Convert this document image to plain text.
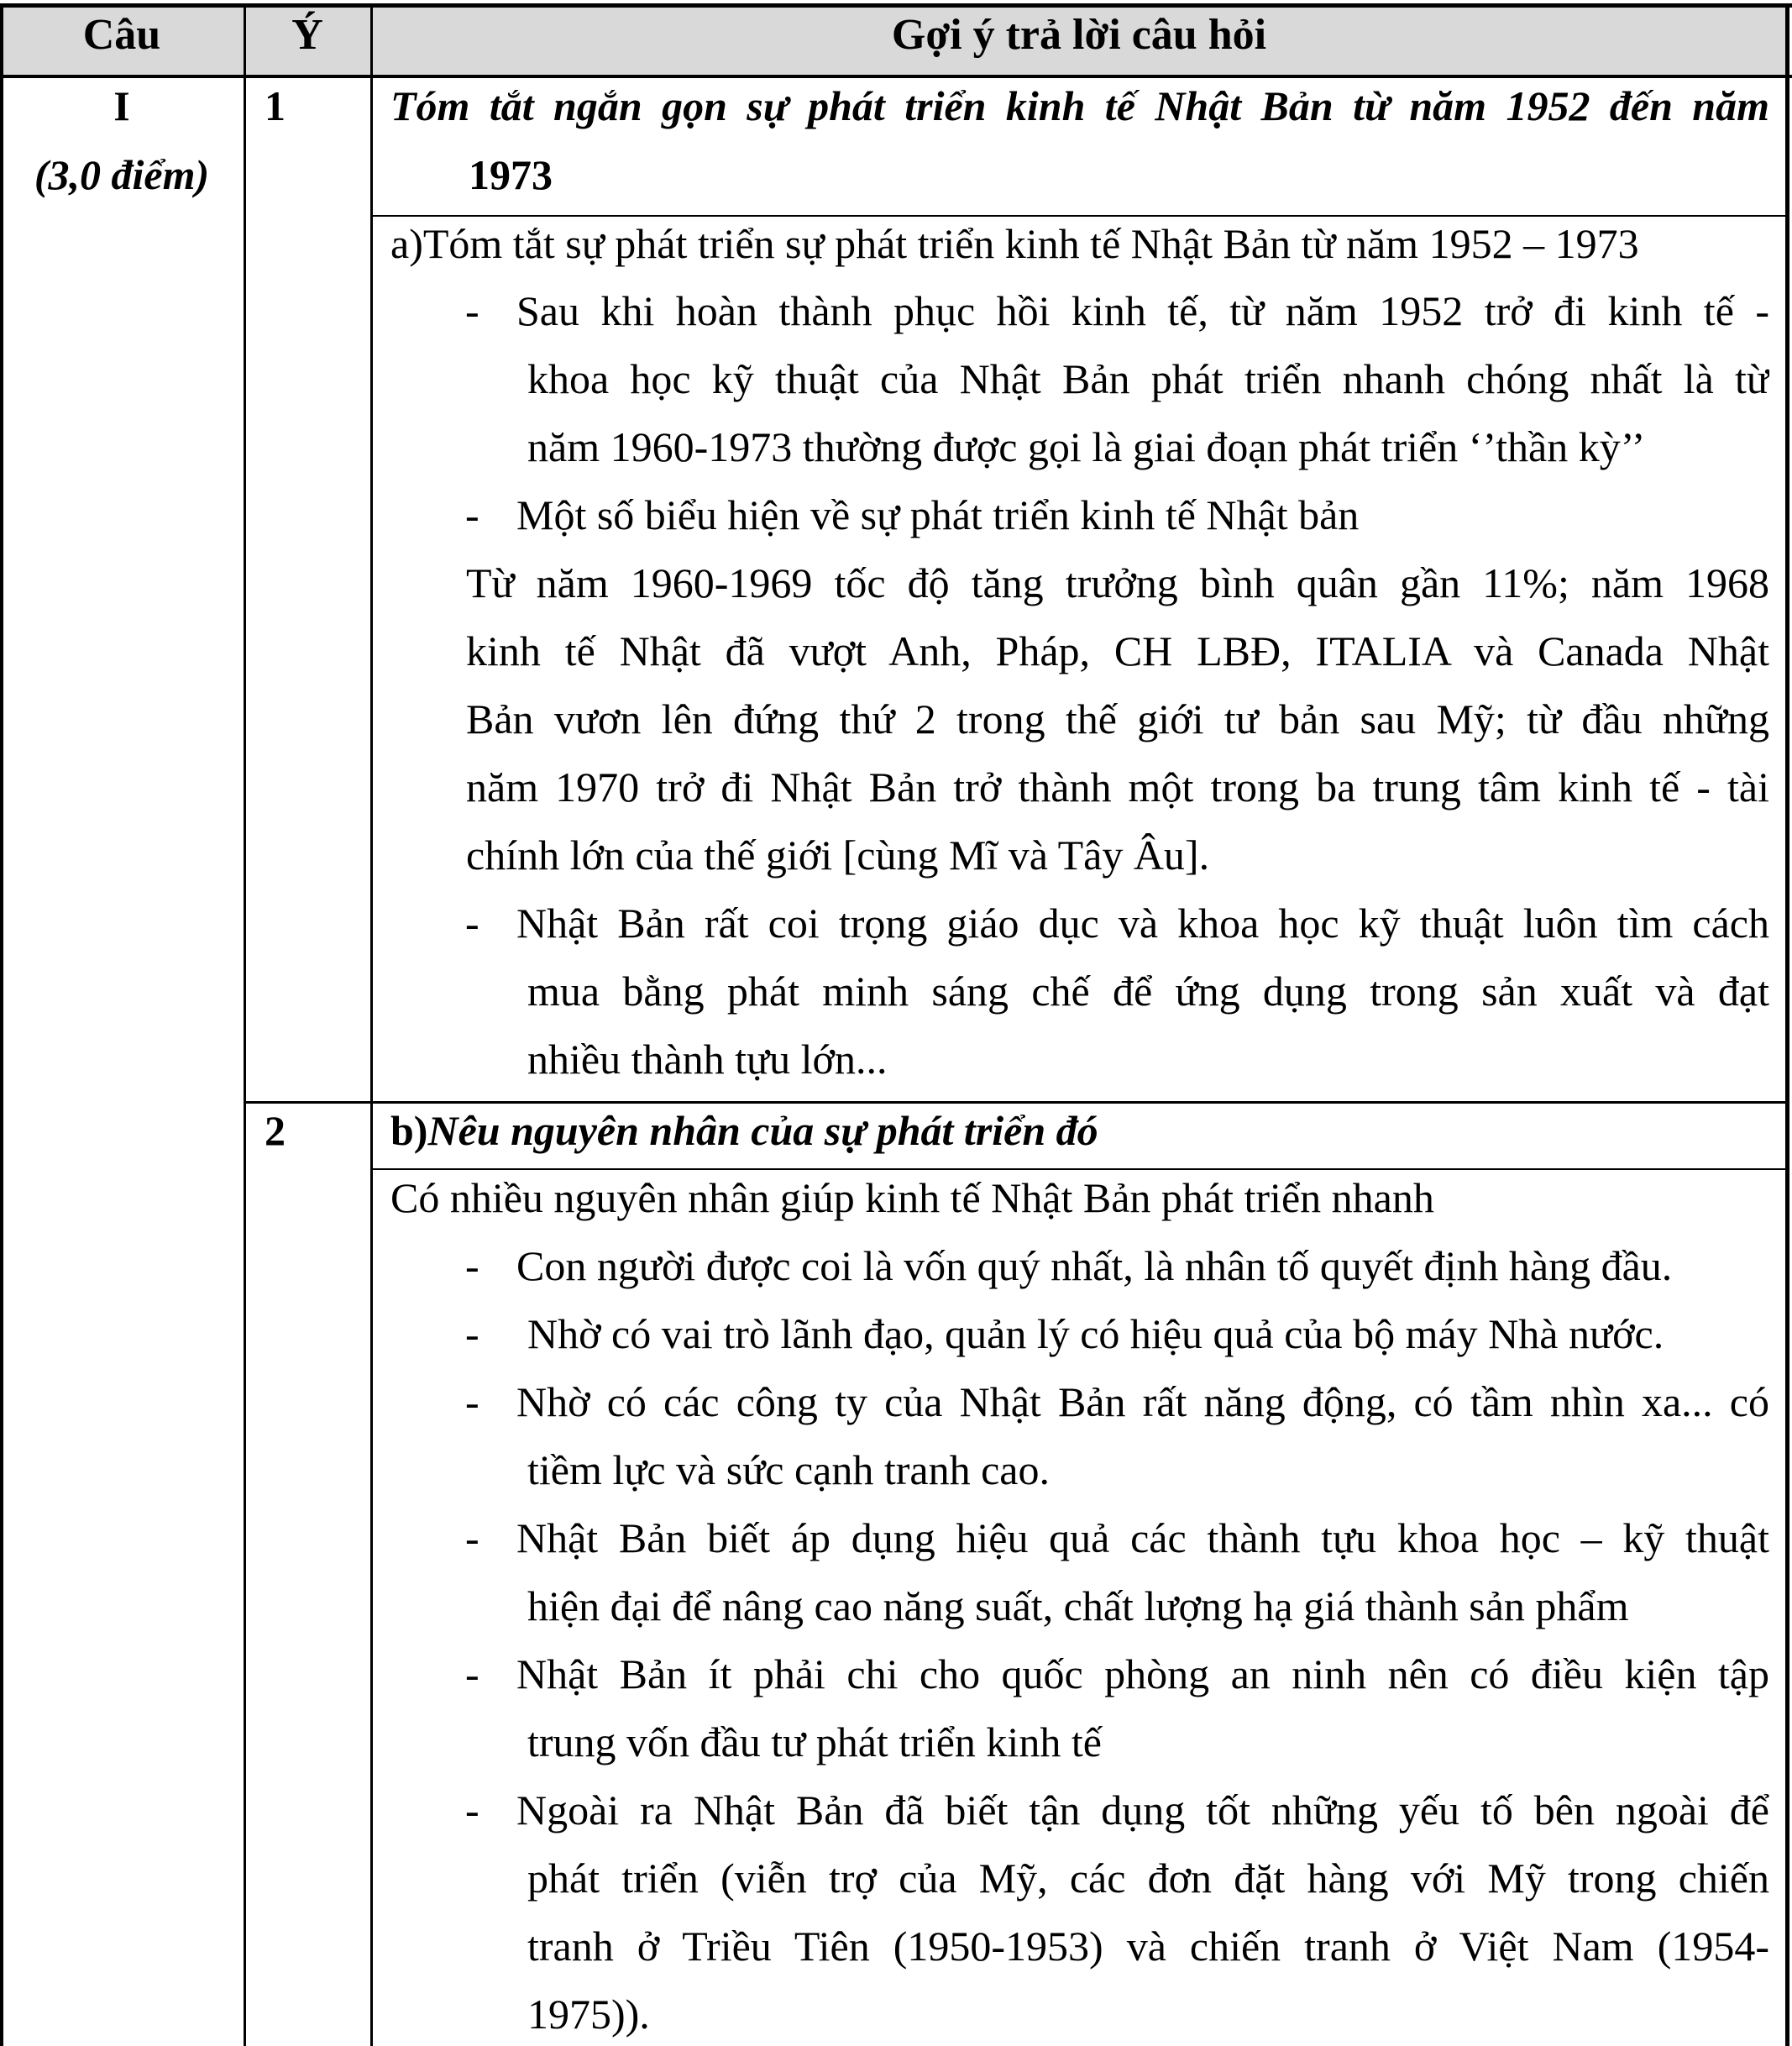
Câu	Ý	Gợi ý trả lời câu hỏi
I
(3,0 điểm)
1	Tóm tắt ngắn gọn sự phát triển kinh tế Nhật Bản từ năm 1952 đến năm
1973
a)Tóm tắt sự phát triển sự phát triển kinh tế Nhật Bản từ năm 1952 – 1973
- Sau khi hoàn thành phục hồi kinh tế, từ năm 1952 trở đi kinh tế -
khoa học kỹ thuật của Nhật Bản phát triển nhanh chóng nhất là từ
năm 1960-1973 thường được gọi là giai đoạn phát triển ‘’thần kỳ’’
- Một số biểu hiện về sự phát triển kinh tế Nhật bản
Từ năm 1960-1969 tốc độ tăng trưởng bình quân gần 11%; năm 1968
kinh tế Nhật đã vượt Anh, Pháp, CH LBĐ, ITALIA và Canada Nhật
Bản vươn lên đứng thứ 2 trong thế giới tư bản sau Mỹ; từ đầu những
năm 1970 trở đi Nhật Bản trở thành một trong ba trung tâm kinh tế - tài
chính lớn của thế giới [cùng Mĩ và Tây Âu].
- Nhật Bản rất coi trọng giáo dục và khoa học kỹ thuật luôn tìm cách
mua bằng phát minh sáng chế để ứng dụng trong sản xuất và đạt
nhiều thành tựu lớn...
2	b)Nêu nguyên nhân của sự phát triển đó
Có nhiều nguyên nhân giúp kinh tế Nhật Bản phát triển nhanh
- Con người được coi là vốn quý nhất, là nhân tố quyết định hàng đầu.
- Nhờ có vai trò lãnh đạo, quản lý có hiệu quả của bộ máy Nhà nước.
- Nhờ có các công ty của Nhật Bản rất năng động, có tầm nhìn xa... có
tiềm lực và sức cạnh tranh cao.
- Nhật Bản biết áp dụng hiệu quả các thành tựu khoa học – kỹ thuật
hiện đại để nâng cao năng suất, chất lượng hạ giá thành sản phẩm
- Nhật Bản ít phải chi cho quốc phòng an ninh nên có điều kiện tập
trung vốn đầu tư phát triển kinh tế
- Ngoài ra Nhật Bản đã biết tận dụng tốt những yếu tố bên ngoài để
phát triển (viễn trợ của Mỹ, các đơn đặt hàng với Mỹ trong chiến
tranh ở Triều Tiên (1950-1953) và chiến tranh ở Việt Nam (1954-
1975)).
